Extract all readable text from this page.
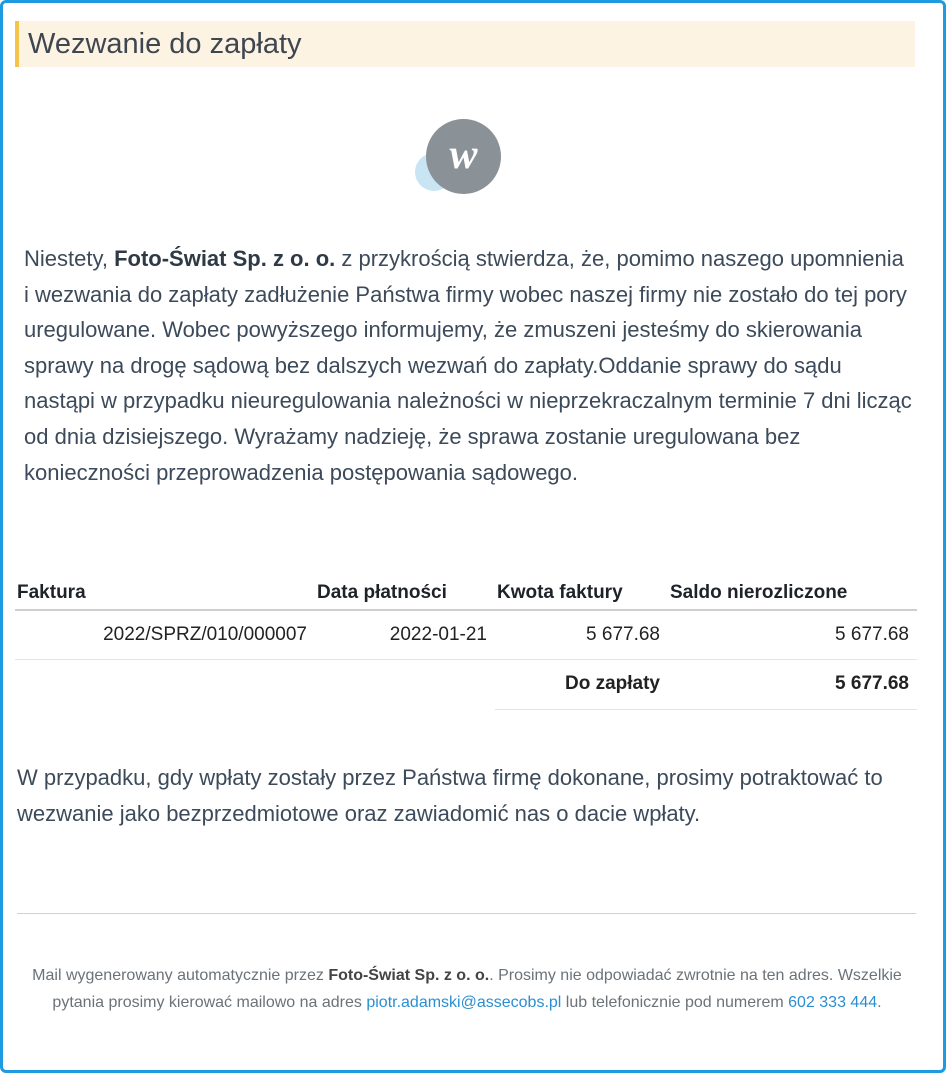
Wezwanie do zapłaty
w

Niestety, Foto-Świat Sp. z o. o. z przykrością stwierdza, że, pomimo naszego upomnienia i wezwania do zapłaty zadłużenie Państwa firmy wobec naszej firmy nie zostało do tej pory uregulowane. Wobec powyższego informujemy, że zmuszeni jesteśmy do skierowania sprawy na drogę sądową bez dalszych wezwań do zapłaty.Oddanie sprawy do sądu nastąpi w przypadku nieuregulowania należności w nieprzekraczalnym terminie 7 dni licząc od dnia dzisiejszego. Wyrażamy nadzieję, że sprawa zostanie uregulowana bez konieczności przeprowadzenia postępowania sądowego.

Faktura	Data płatności	Kwota faktury	Saldo nierozliczone
2022/SPRZ/010/000007	2022-01-21	5 677.68	5 677.68
		Do zapłaty	5 677.68

W przypadku, gdy wpłaty zostały przez Państwa firmę dokonane, prosimy potraktować to wezwanie jako bezprzedmiotowe oraz zawiadomić nas o dacie wpłaty.

Mail wygenerowany automatycznie przez Foto-Świat Sp. z o. o.. Prosimy nie odpowiadać zwrotnie na ten adres. Wszelkie pytania prosimy kierować mailowo na adres piotr.adamski@assecobs.pl lub telefonicznie pod numerem 602 333 444.
